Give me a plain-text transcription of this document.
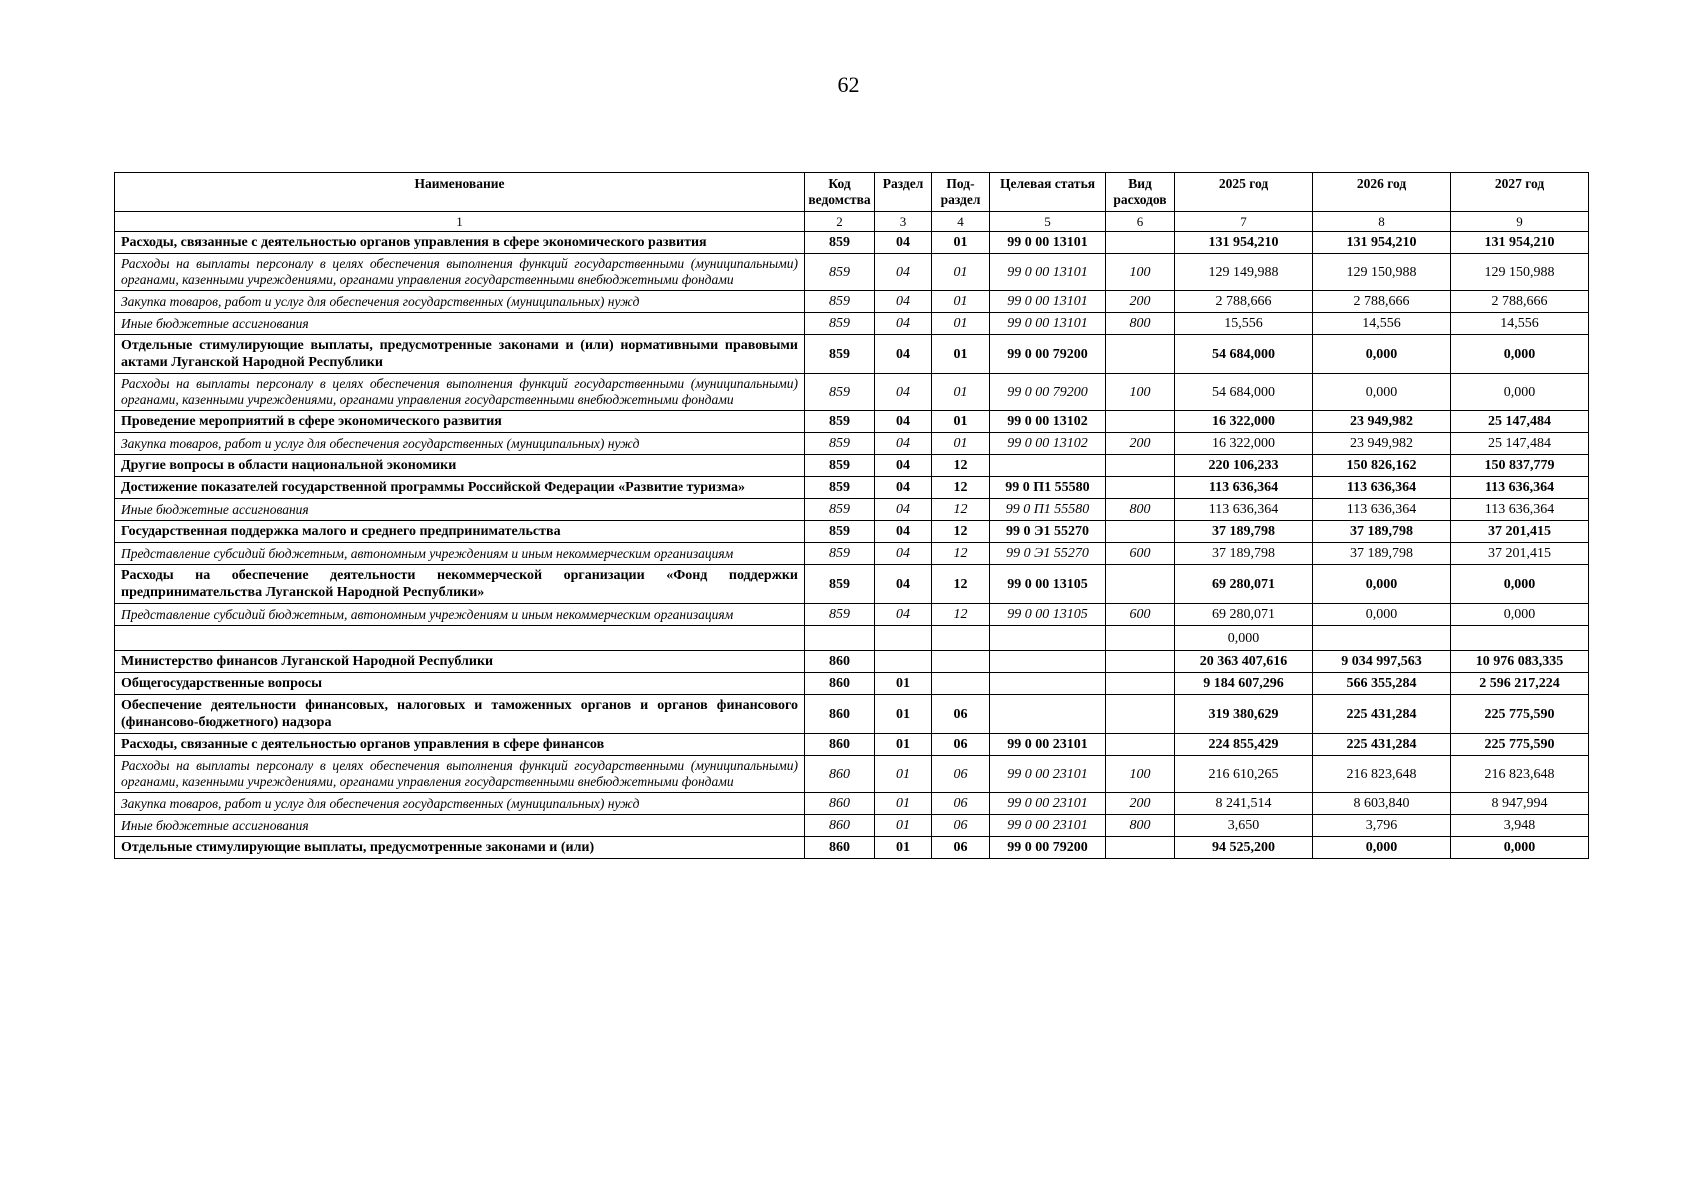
62
Наименование	Код ведомства	Раздел	Под-раздел	Целевая статья	Вид расходов	2025 год	2026 год	2027 год
1	2	3	4	5	6	7	8	9
Расходы, связанные с деятельностью органов управления в сфере экономического развития	859	04	01	99 0 00 13101		131 954,210	131 954,210	131 954,210
Расходы на выплаты персоналу в целях обеспечения выполнения функций государственными (муниципальными) органами, казенными учреждениями, органами управления государственными внебюджетными фондами	859	04	01	99 0 00 13101	100	129 149,988	129 150,988	129 150,988
Закупка товаров, работ и услуг для обеспечения государственных (муниципальных) нужд	859	04	01	99 0 00 13101	200	2 788,666	2 788,666	2 788,666
Иные бюджетные ассигнования	859	04	01	99 0 00 13101	800	15,556	14,556	14,556
Отдельные стимулирующие выплаты, предусмотренные законами и (или) нормативными правовыми актами Луганской Народной Республики	859	04	01	99 0 00 79200		54 684,000	0,000	0,000
Расходы на выплаты персоналу в целях обеспечения выполнения функций государственными (муниципальными) органами, казенными учреждениями, органами управления государственными внебюджетными фондами	859	04	01	99 0 00 79200	100	54 684,000	0,000	0,000
Проведение мероприятий в сфере экономического развития	859	04	01	99 0 00 13102		16 322,000	23 949,982	25 147,484
Закупка товаров, работ и услуг для обеспечения государственных (муниципальных) нужд	859	04	01	99 0 00 13102	200	16 322,000	23 949,982	25 147,484
Другие вопросы в области национальной экономики	859	04	12			220 106,233	150 826,162	150 837,779
Достижение показателей государственной программы Российской Федерации «Развитие туризма»	859	04	12	99 0 П1 55580		113 636,364	113 636,364	113 636,364
Иные бюджетные ассигнования	859	04	12	99 0 П1 55580	800	113 636,364	113 636,364	113 636,364
Государственная поддержка малого и среднего предпринимательства	859	04	12	99 0 Э1 55270		37 189,798	37 189,798	37 201,415
Представление субсидий бюджетным, автономным учреждениям и иным некоммерческим организациям	859	04	12	99 0 Э1 55270	600	37 189,798	37 189,798	37 201,415
Расходы на обеспечение деятельности некоммерческой организации «Фонд поддержки предпринимательства Луганской Народной Республики»	859	04	12	99 0 00 13105		69 280,071	0,000	0,000
Представление субсидий бюджетным, автономным учреждениям и иным некоммерческим организациям	859	04	12	99 0 00 13105	600	69 280,071	0,000	0,000
						0,000		
Министерство финансов Луганской Народной Республики	860					20 363 407,616	9 034 997,563	10 976 083,335
Общегосударственные вопросы	860	01				9 184 607,296	566 355,284	2 596 217,224
Обеспечение деятельности финансовых, налоговых и таможенных органов и органов финансового (финансово-бюджетного) надзора	860	01	06			319 380,629	225 431,284	225 775,590
Расходы, связанные с деятельностью органов управления в сфере финансов	860	01	06	99 0 00 23101		224 855,429	225 431,284	225 775,590
Расходы на выплаты персоналу в целях обеспечения выполнения функций государственными (муниципальными) органами, казенными учреждениями, органами управления государственными внебюджетными фондами	860	01	06	99 0 00 23101	100	216 610,265	216 823,648	216 823,648
Закупка товаров, работ и услуг для обеспечения государственных (муниципальных) нужд	860	01	06	99 0 00 23101	200	8 241,514	8 603,840	8 947,994
Иные бюджетные ассигнования	860	01	06	99 0 00 23101	800	3,650	3,796	3,948
Отдельные стимулирующие выплаты, предусмотренные законами и (или)	860	01	06	99 0 00 79200		94 525,200	0,000	0,000
